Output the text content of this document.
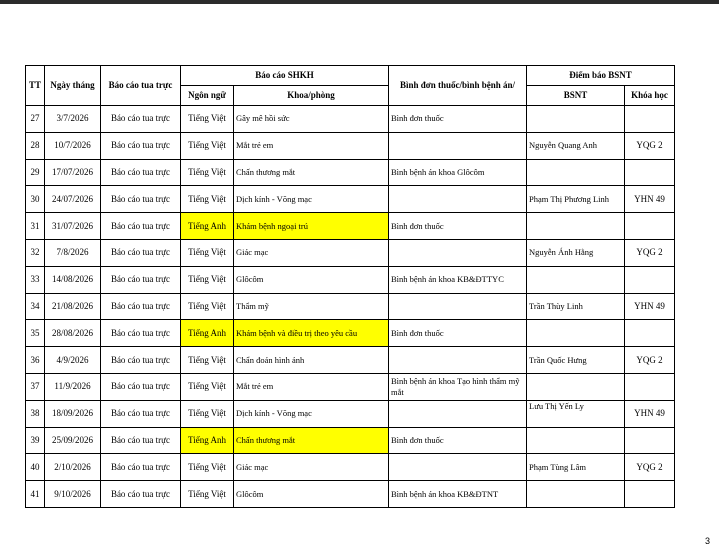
TT	Ngày tháng	Báo cáo tua trực	Báo cáo SHKH		Bình đơn thuốc/bình bệnh án/	Điểm báo BSNT	
			Ngôn ngữ	Khoa/phòng		BSNT	Khóa học
27	3/7/2026	Báo cáo tua trực	Tiếng Việt	Gây mê hồi sức	Bình đơn thuốc		
28	10/7/2026	Báo cáo tua trực	Tiếng Việt	Mắt trẻ em		Nguyễn Quang Anh	YQG 2
29	17/07/2026	Báo cáo tua trực	Tiếng Việt	Chấn thương mắt	Bình bệnh án khoa Glôcôm		
30	24/07/2026	Báo cáo tua trực	Tiếng Việt	Dịch kính - Võng mạc		Phạm Thị Phương Linh	YHN 49
31	31/07/2026	Báo cáo tua trực	Tiếng Anh	Khám bệnh ngoại trú	Bình đơn thuốc		
32	7/8/2026	Báo cáo tua trực	Tiếng Việt	Giác mạc		Nguyễn Ánh Hằng	YQG 2
33	14/08/2026	Báo cáo tua trực	Tiếng Việt	Glôcôm	Bình bệnh án khoa KB&ĐTTYC		
34	21/08/2026	Báo cáo tua trực	Tiếng Việt	Thẩm mỹ		Trần Thùy Linh	YHN 49
35	28/08/2026	Báo cáo tua trực	Tiếng Anh	Khám bệnh và điều trị theo yêu cầu	Bình đơn thuốc		
36	4/9/2026	Báo cáo tua trực	Tiếng Việt	Chẩn đoán hình ảnh		Trần Quốc Hưng	YQG 2
37	11/9/2026	Báo cáo tua trực	Tiếng Việt	Mắt trẻ em	Bình bệnh án khoa Tạo hình thẩm mỹ mắt		
38	18/09/2026	Báo cáo tua trực	Tiếng Việt	Dịch kính - Võng mạc		Lưu Thị Yến Ly	YHN 49
39	25/09/2026	Báo cáo tua trực	Tiếng Anh	Chấn thương mắt	Bình đơn thuốc		
40	2/10/2026	Báo cáo tua trực	Tiếng Việt	Giác mạc		Phạm Tùng Lâm	YQG 2
41	9/10/2026	Báo cáo tua trực	Tiếng Việt	Glôcôm	Bình bệnh án khoa KB&ĐTNT		
3
